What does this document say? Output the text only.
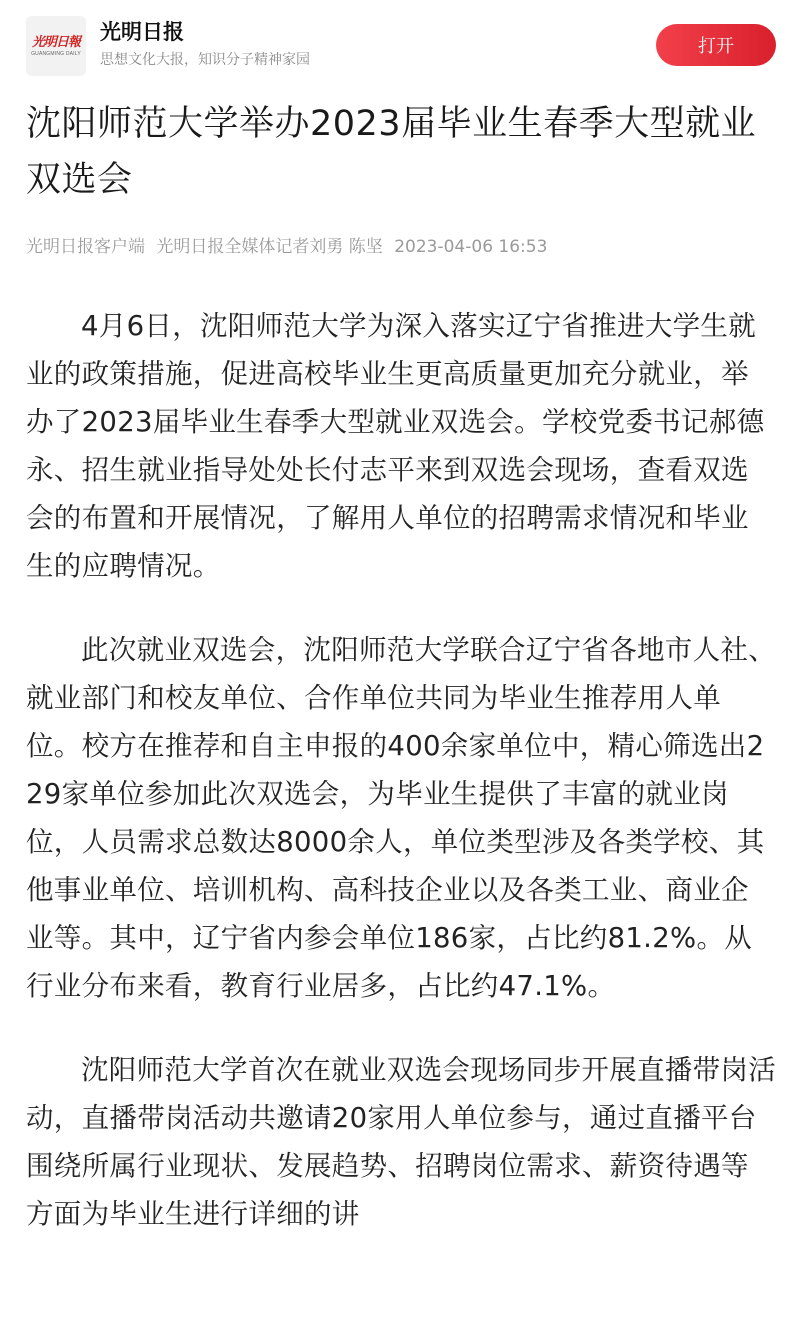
光明日報
GUANGMING DAILY
光明日报
思想文化大报，知识分子精神家园
打开
沈阳师范大学举办2023届毕业生春季大型就业双选会
光明日报客户端 光明日报全媒体记者刘勇 陈坚 2023-04-06 16:53

4月6日，沈阳师范大学为深入落实辽宁省推进大学生就业的政策措施，促进高校毕业生更高质量更加充分就业，举办了2023届毕业生春季大型就业双选会。学校党委书记郝德永、招生就业指导处处长付志平来到双选会现场，查看双选会的布置和开展情况，了解用人单位的招聘需求情况和毕业生的应聘情况。

此次就业双选会，沈阳师范大学联合辽宁省各地市人社、就业部门和校友单位、合作单位共同为毕业生推荐用人单位。校方在推荐和自主申报的400余家单位中，精心筛选出229家单位参加此次双选会，为毕业生提供了丰富的就业岗位，人员需求总数达8000余人，单位类型涉及各类学校、其他事业单位、培训机构、高科技企业以及各类工业、商业企业等。其中，辽宁省内参会单位186家，占比约81.2%。从行业分布来看，教育行业居多，占比约47.1%。

沈阳师范大学首次在就业双选会现场同步开展直播带岗活动，直播带岗活动共邀请20家用人单位参与，通过直播平台围绕所属行业现状、发展趋势、招聘岗位需求、薪资待遇等方面为毕业生进行详细的讲
